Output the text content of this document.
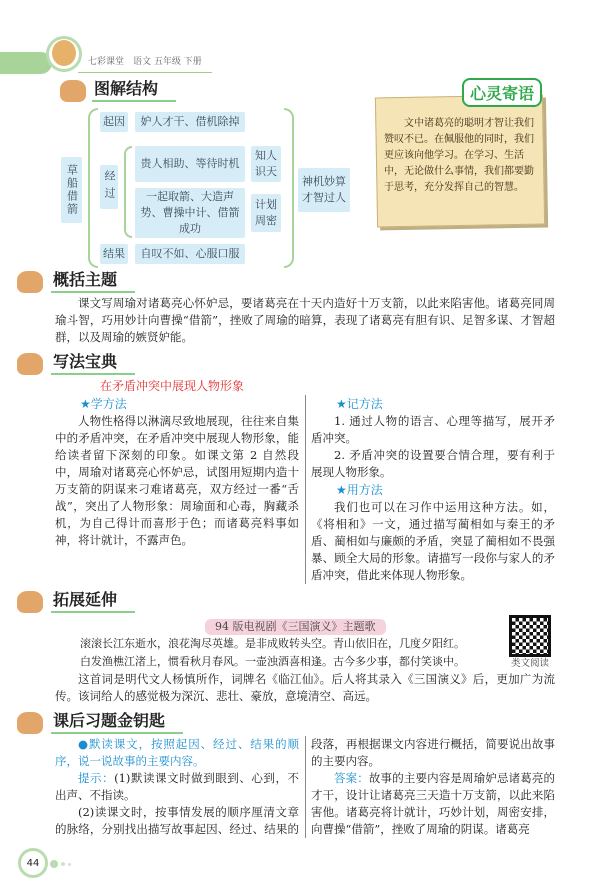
七彩课堂　语文 五年级 下册
图解结构
草船借箭
起因	妒人才干、借机除掉
经过
贵人相助、等待时机
一起取箭、大造声势、曹操中计、借箭成功
知人识天
计划周密
结果	自叹不如、心服口服
神机妙算才智过人
心灵寄语
文中诸葛亮的聪明才智让我们赞叹不已。在佩服他的同时，我们更应该向他学习。在学习、生活中，无论做什么事情，我们都要勤于思考，充分发挥自己的智慧。
概括主题
课文写周瑜对诸葛亮心怀妒忌，要诸葛亮在十天内造好十万支箭，以此来陷害他。诸葛亮同周瑜斗智，巧用妙计向曹操“借箭”，挫败了周瑜的暗算，表现了诸葛亮有胆有识、足智多谋、才智超群，以及周瑜的嫉贤妒能。
写法宝典
在矛盾冲突中展现人物形象
★学方法
人物性格得以淋漓尽致地展现，往往来自集中的矛盾冲突，在矛盾冲突中展现人物形象，能给读者留下深刻的印象。如课文第 2 自然段中，周瑜对诸葛亮心怀妒忌，试图用短期内造十万支箭的阴谋来刁难诸葛亮，双方经过一番“舌战”，突出了人物形象：周瑜面和心毒，胸藏杀机，为自己得计而喜形于色；而诸葛亮料事如神，将计就计，不露声色。
★记方法
1. 通过人物的语言、心理等描写，展开矛盾冲突。
2. 矛盾冲突的设置要合情合理，要有利于展现人物形象。
★用方法
我们也可以在习作中运用这种方法。如，《将相和》一文，通过描写蔺相如与秦王的矛盾、蔺相如与廉颇的矛盾，突显了蔺相如不畏强暴、顾全大局的形象。请描写一段你与家人的矛盾冲突，借此来体现人物形象。
拓展延伸
类文阅读
94 版电视剧《三国演义》主题歌
滚滚长江东逝水，浪花淘尽英雄。是非成败转头空。青山依旧在，几度夕阳红。
白发渔樵江渚上，惯看秋月春风。一壶浊酒喜相逢。古今多少事，都付笑谈中。
这首词是明代文人杨慎所作，词牌名《临江仙》。后人将其录入《三国演义》后，更加广为流传。该词给人的感觉极为深沉、悲壮、豪放，意境清空、高远。
课后习题金钥匙
●默读课文，按照起因、经过、结果的顺序，说一说故事的主要内容。
提示：(1)默读课文时做到眼到、心到，不出声、不指读。
(2)读课文时，按事情发展的顺序厘清文章的脉络，分别找出描写故事起因、经过、结果的段落，再根据课文内容进行概括，简要说出故事的主要内容。
答案：故事的主要内容是周瑜妒忌诸葛亮的才干，设计让诸葛亮三天造十万支箭，以此来陷害他。诸葛亮将计就计，巧妙计划，周密安排，向曹操“借箭”，挫败了周瑜的阴谋。诸葛亮
44
